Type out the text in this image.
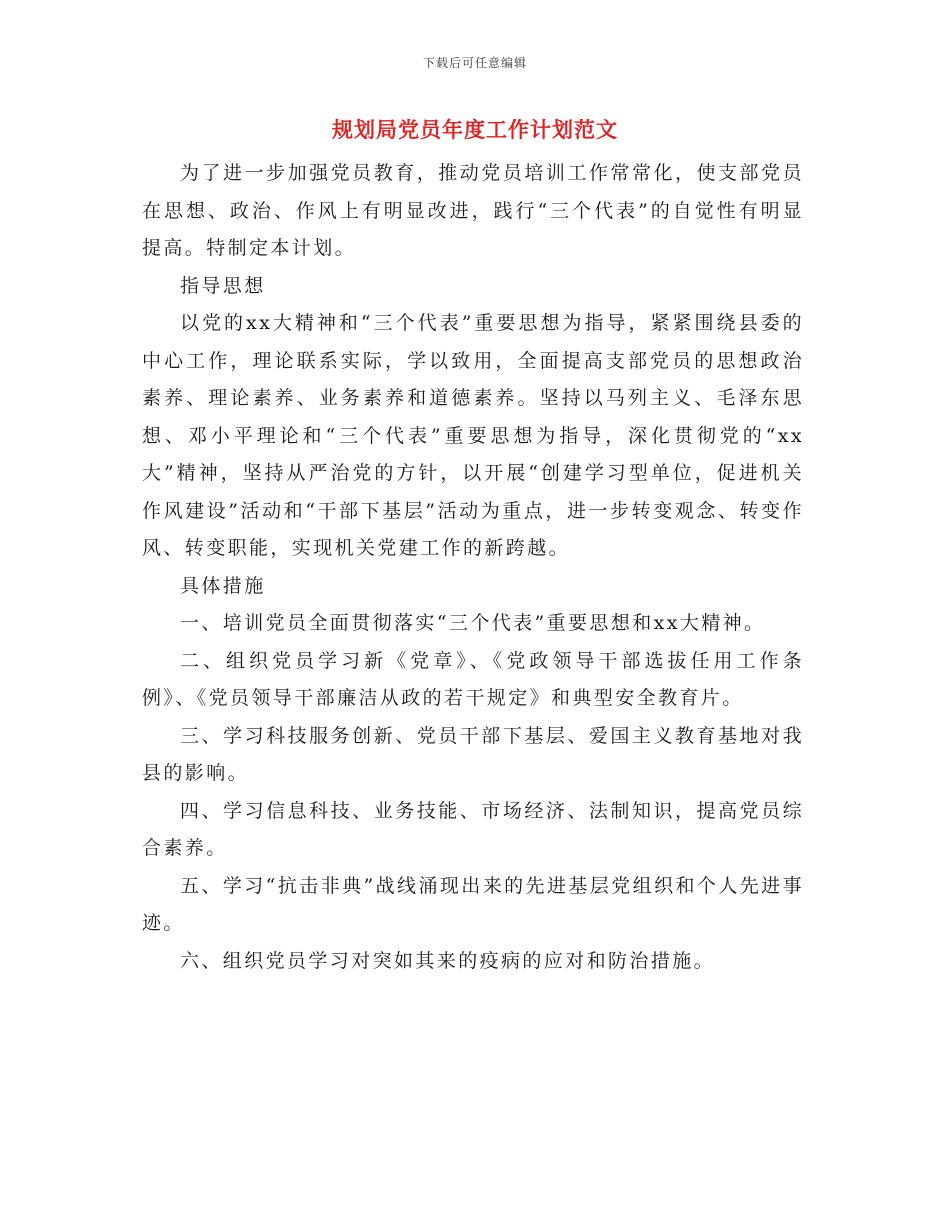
下载后可任意编辑
规划局党员年度工作计划范文

为了进一步加强党员教育，推动党员培训工作常常化，使支部党员在思想、政治、作风上有明显改进，践行“三个代表”的自觉性有明显提高。特制定本计划。

指导思想

以党的xx大精神和“三个代表”重要思想为指导，紧紧围绕县委的中心工作，理论联系实际，学以致用，全面提高支部党员的思想政治素养、理论素养、业务素养和道德素养。坚持以马列主义、毛泽东思想、邓小平理论和“三个代表”重要思想为指导，深化贯彻党的“xx大”精神，坚持从严治党的方针，以开展“创建学习型单位，促进机关作风建设”活动和“干部下基层”活动为重点，进一步转变观念、转变作风、转变职能，实现机关党建工作的新跨越。

具体措施

一、培训党员全面贯彻落实“三个代表”重要思想和xx大精神。

二、组织党员学习新《党章》、《党政领导干部选拔任用工作条例》、《党员领导干部廉洁从政的若干规定》和典型安全教育片。

三、学习科技服务创新、党员干部下基层、爱国主义教育基地对我县的影响。

四、学习信息科技、业务技能、市场经济、法制知识，提高党员综合素养。

五、学习“抗击非典”战线涌现出来的先进基层党组织和个人先进事迹。

六、组织党员学习对突如其来的疫病的应对和防治措施。
